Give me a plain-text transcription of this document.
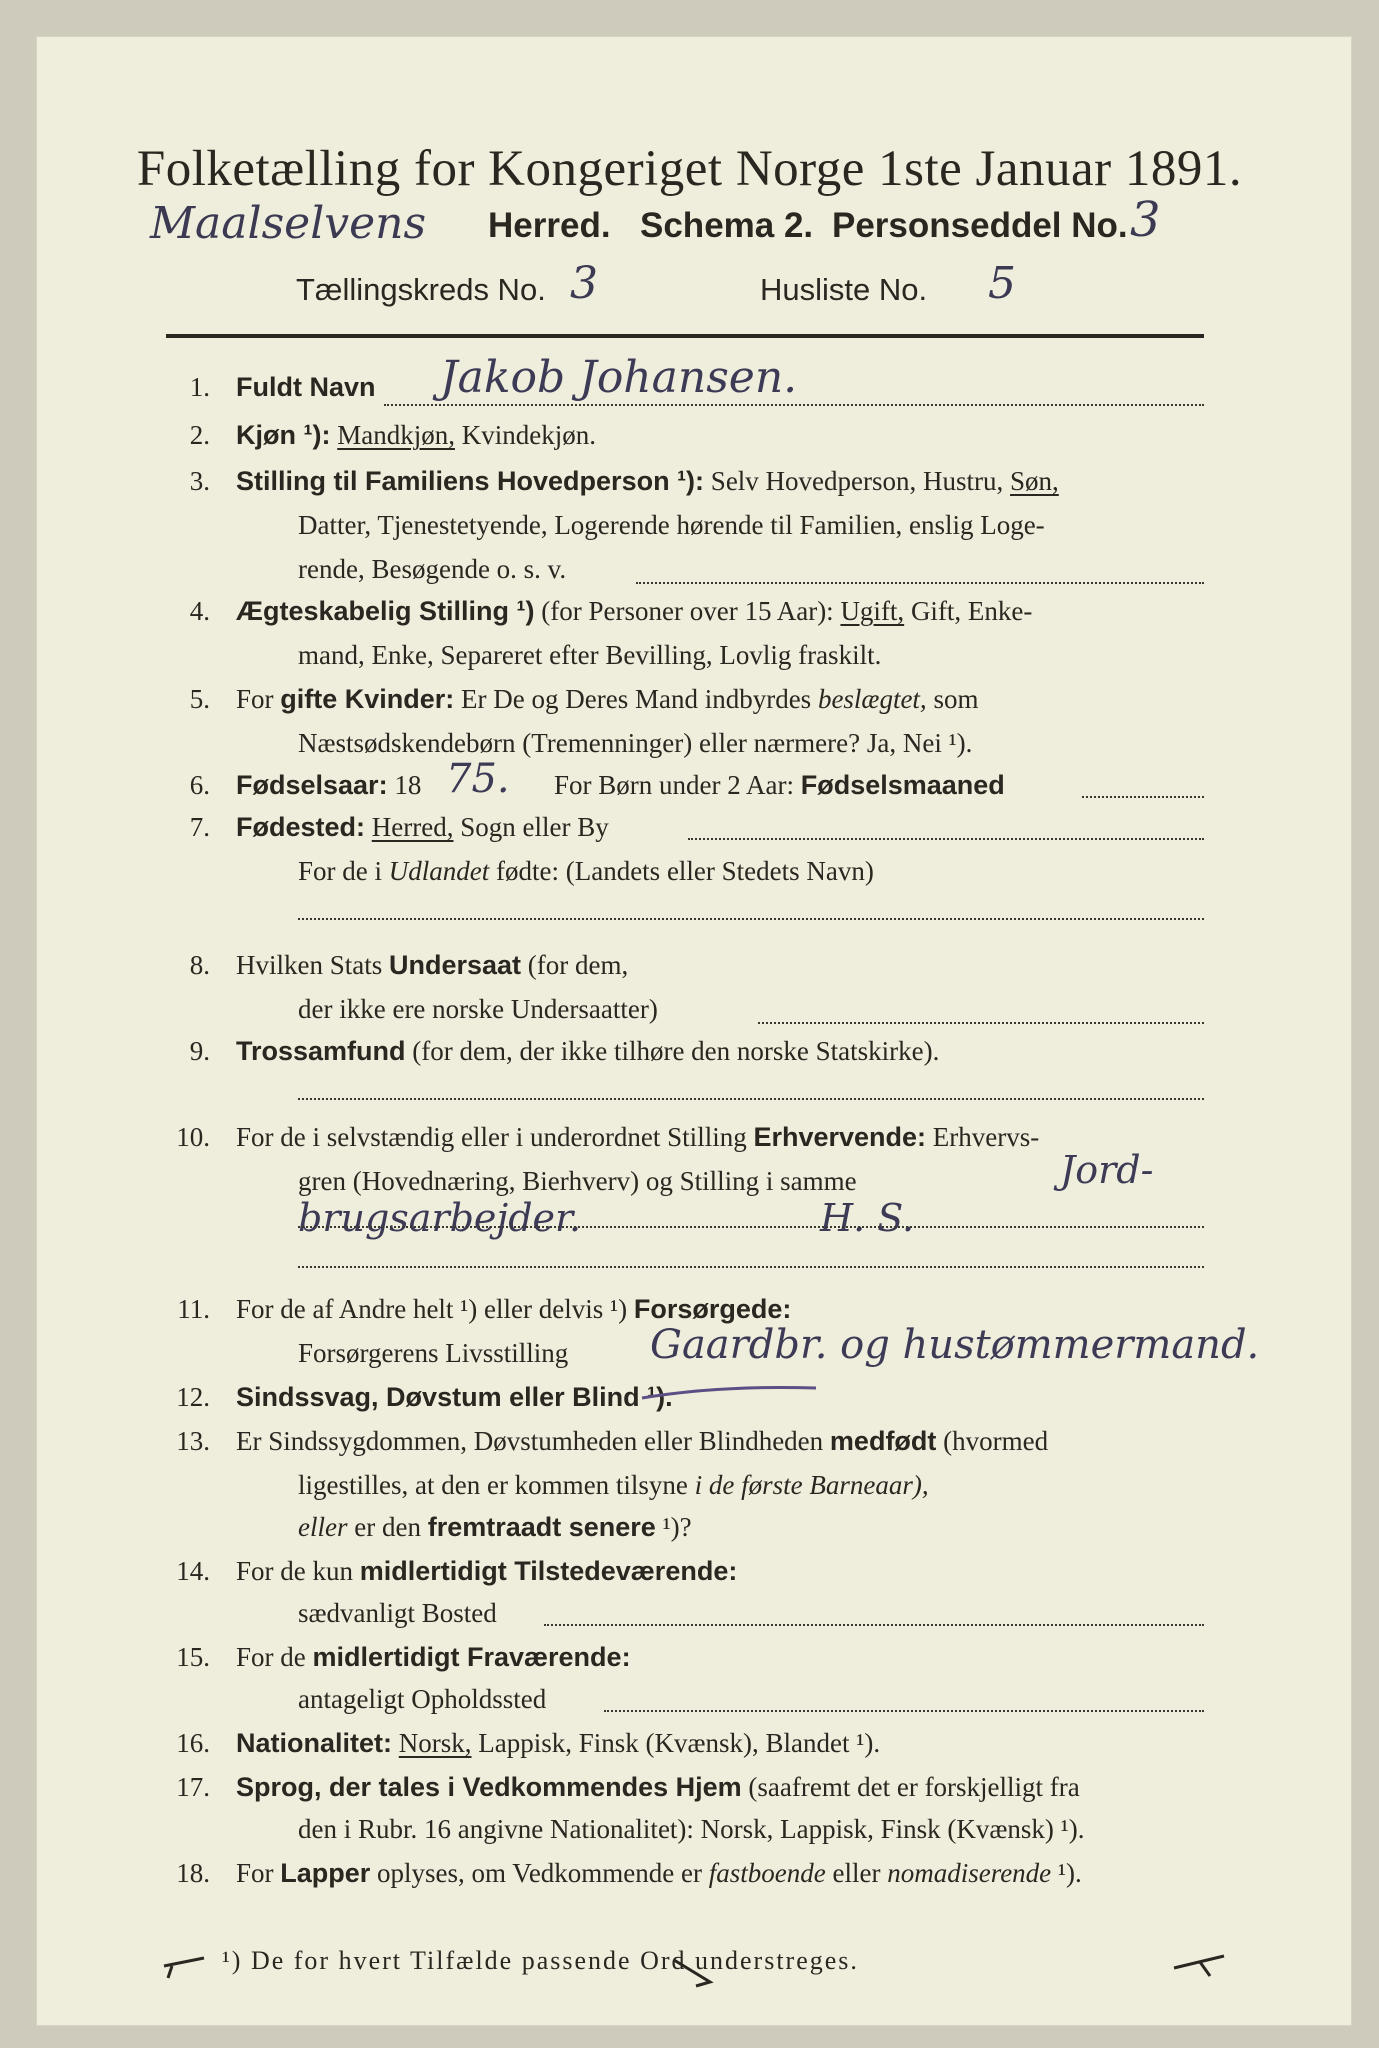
Folketælling for Kongeriget Norge 1ste Januar 1891.
Maalselvens Herred. Schema 2. Personseddel No. 3
Tællingskreds No. 3	Husliste No. 5
1. Fuldt Navn Jakob Johansen.
2. Kjøn ¹): Mandkjøn, Kvindekjøn.
3. Stilling til Familiens Hovedperson ¹): Selv Hovedperson, Hustru, Søn,
Datter, Tjenestetyende, Logerende hørende til Familien, enslig Loge-
rende, Besøgende o. s. v.
4. Ægteskabelig Stilling ¹) (for Personer over 15 Aar): Ugift, Gift, Enke-
mand, Enke, Separeret efter Bevilling, Lovlig fraskilt.
5. For gifte Kvinder: Er De og Deres Mand indbyrdes beslægtet, som
Næstsødskendebørn (Tremenninger) eller nærmere? Ja, Nei ¹).
6. Fødselsaar: 18	For Børn under 2 Aar: Fødselsmaaned
75.
7. Fødested: Herred, Sogn eller By
For de i Udlandet fødte: (Landets eller Stedets Navn)
8. Hvilken Stats Undersaat (for dem,
der ikke ere norske Undersaatter)
9. Trossamfund (for dem, der ikke tilhøre den norske Statskirke).
10. For de i selvstændig eller i underordnet Stilling Erhvervende: Erhvervs-
gren (Hovednæring, Bierhverv) og Stilling i samme	Jord-
brugsarbejder.	H. S.
11. For de af Andre helt ¹) eller delvis ¹) Forsørgede:
Forsørgerens Livsstilling Gaardbr. og hustømmermand.
12. Sindssvag, Døvstum eller Blind ¹).
13. Er Sindssygdommen, Døvstumheden eller Blindheden medfødt (hvormed
ligestilles, at den er kommen tilsyne i de første Barneaar),
eller er den fremtraadt senere ¹)?
14. For de kun midlertidigt Tilstedeværende:
sædvanligt Bosted
15. For de midlertidigt Fraværende:
antageligt Opholdssted
16. Nationalitet: Norsk, Lappisk, Finsk (Kvænsk), Blandet ¹).
17. Sprog, der tales i Vedkommendes Hjem (saafremt det er forskjelligt fra
den i Rubr. 16 angivne Nationalitet): Norsk, Lappisk, Finsk (Kvænsk) ¹).
18. For Lapper oplyses, om Vedkommende er fastboende eller nomadiserende ¹).
¹) De for hvert Tilfælde passende Ord understreges.
